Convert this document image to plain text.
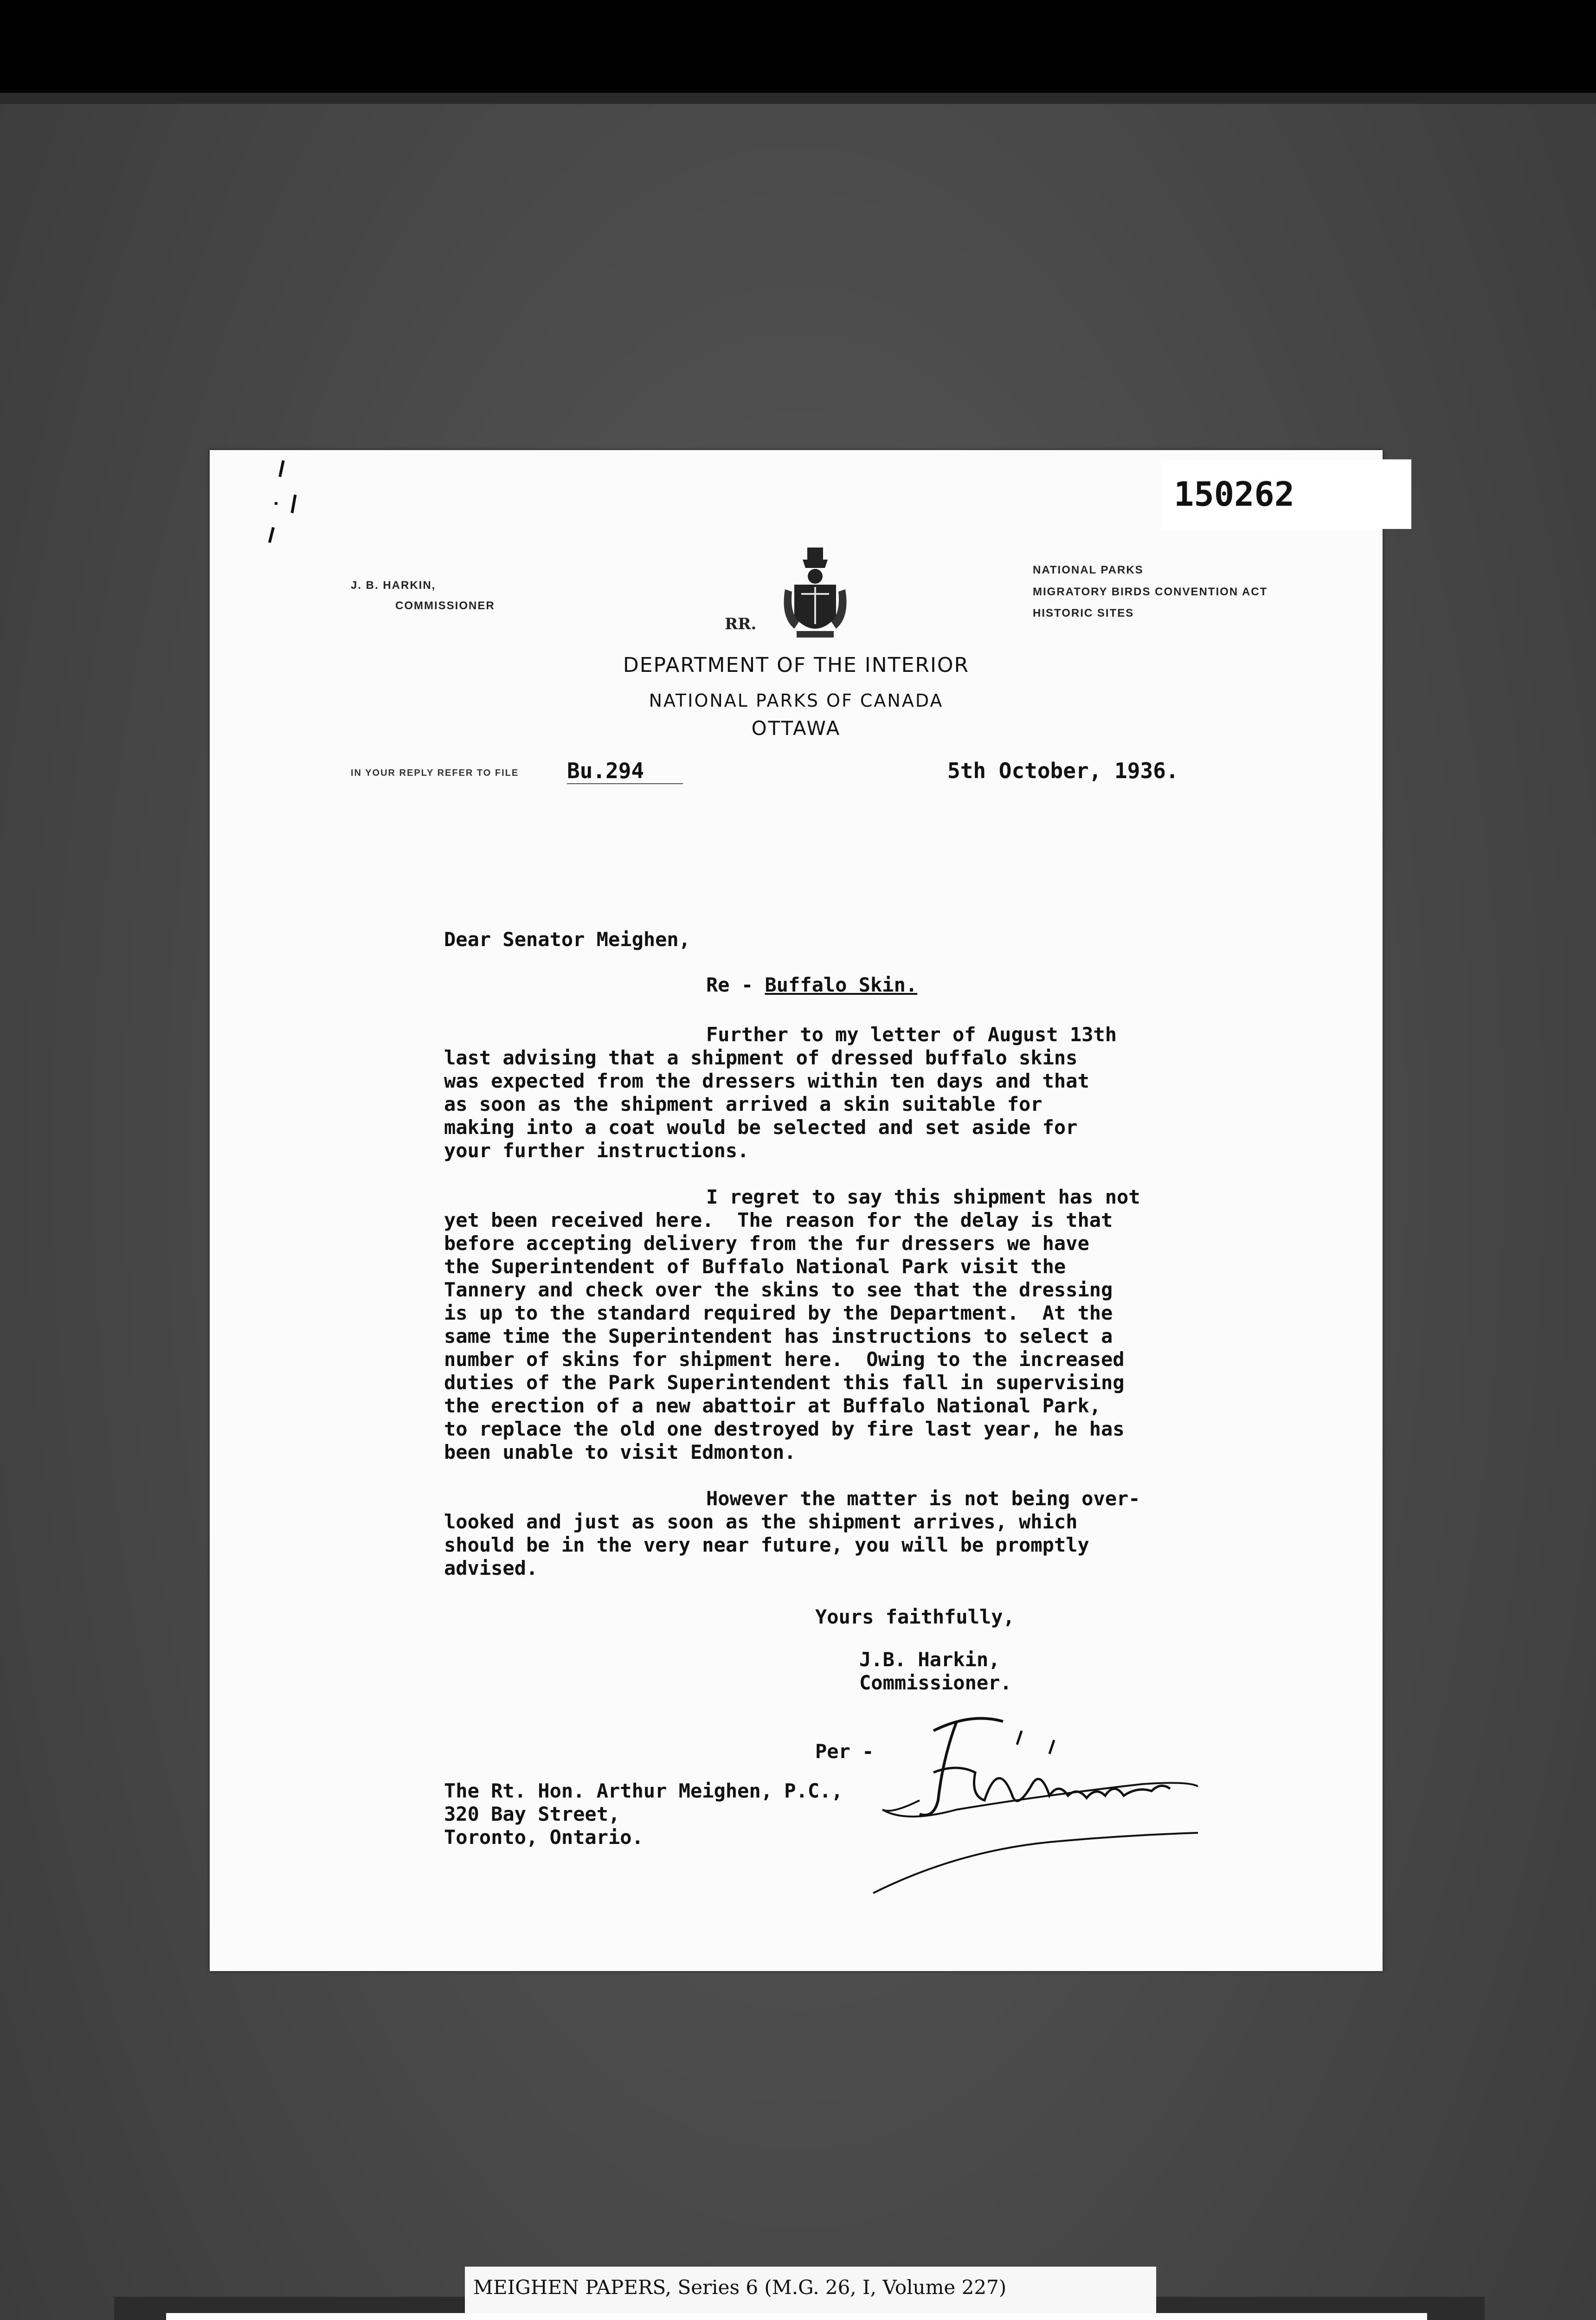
150262
J. B. HARKIN,
COMMISSIONER
NATIONAL PARKS
MIGRATORY BIRDS CONVENTION ACT
HISTORIC SITES
RR.
DEPARTMENT OF THE INTERIOR
NATIONAL PARKS OF CANADA
OTTAWA
IN YOUR REPLY REFER TO FILE Bu.294	5th October, 1936.
Dear Senator Meighen,
Re - Buffalo Skin.
Further to my letter of August 13th
last advising that a shipment of dressed buffalo skins
was expected from the dressers within ten days and that
as soon as the shipment arrived a skin suitable for
making into a coat would be selected and set aside for
your further instructions.
I regret to say this shipment has not
yet been received here.  The reason for the delay is that
before accepting delivery from the fur dressers we have
the Superintendent of Buffalo National Park visit the
Tannery and check over the skins to see that the dressing
is up to the standard required by the Department.  At the
same time the Superintendent has instructions to select a
number of skins for shipment here.  Owing to the increased
duties of the Park Superintendent this fall in supervising
the erection of a new abattoir at Buffalo National Park,
to replace the old one destroyed by fire last year, he has
been unable to visit Edmonton.
However the matter is not being over-
looked and just as soon as the shipment arrives, which
should be in the very near future, you will be promptly
advised.
Yours faithfully,
J.B. Harkin,
Commissioner.
Per -
The Rt. Hon. Arthur Meighen, P.C.,
320 Bay Street,
Toronto, Ontario.
MEIGHEN PAPERS, Series 6 (M.G. 26, I, Volume 227)
